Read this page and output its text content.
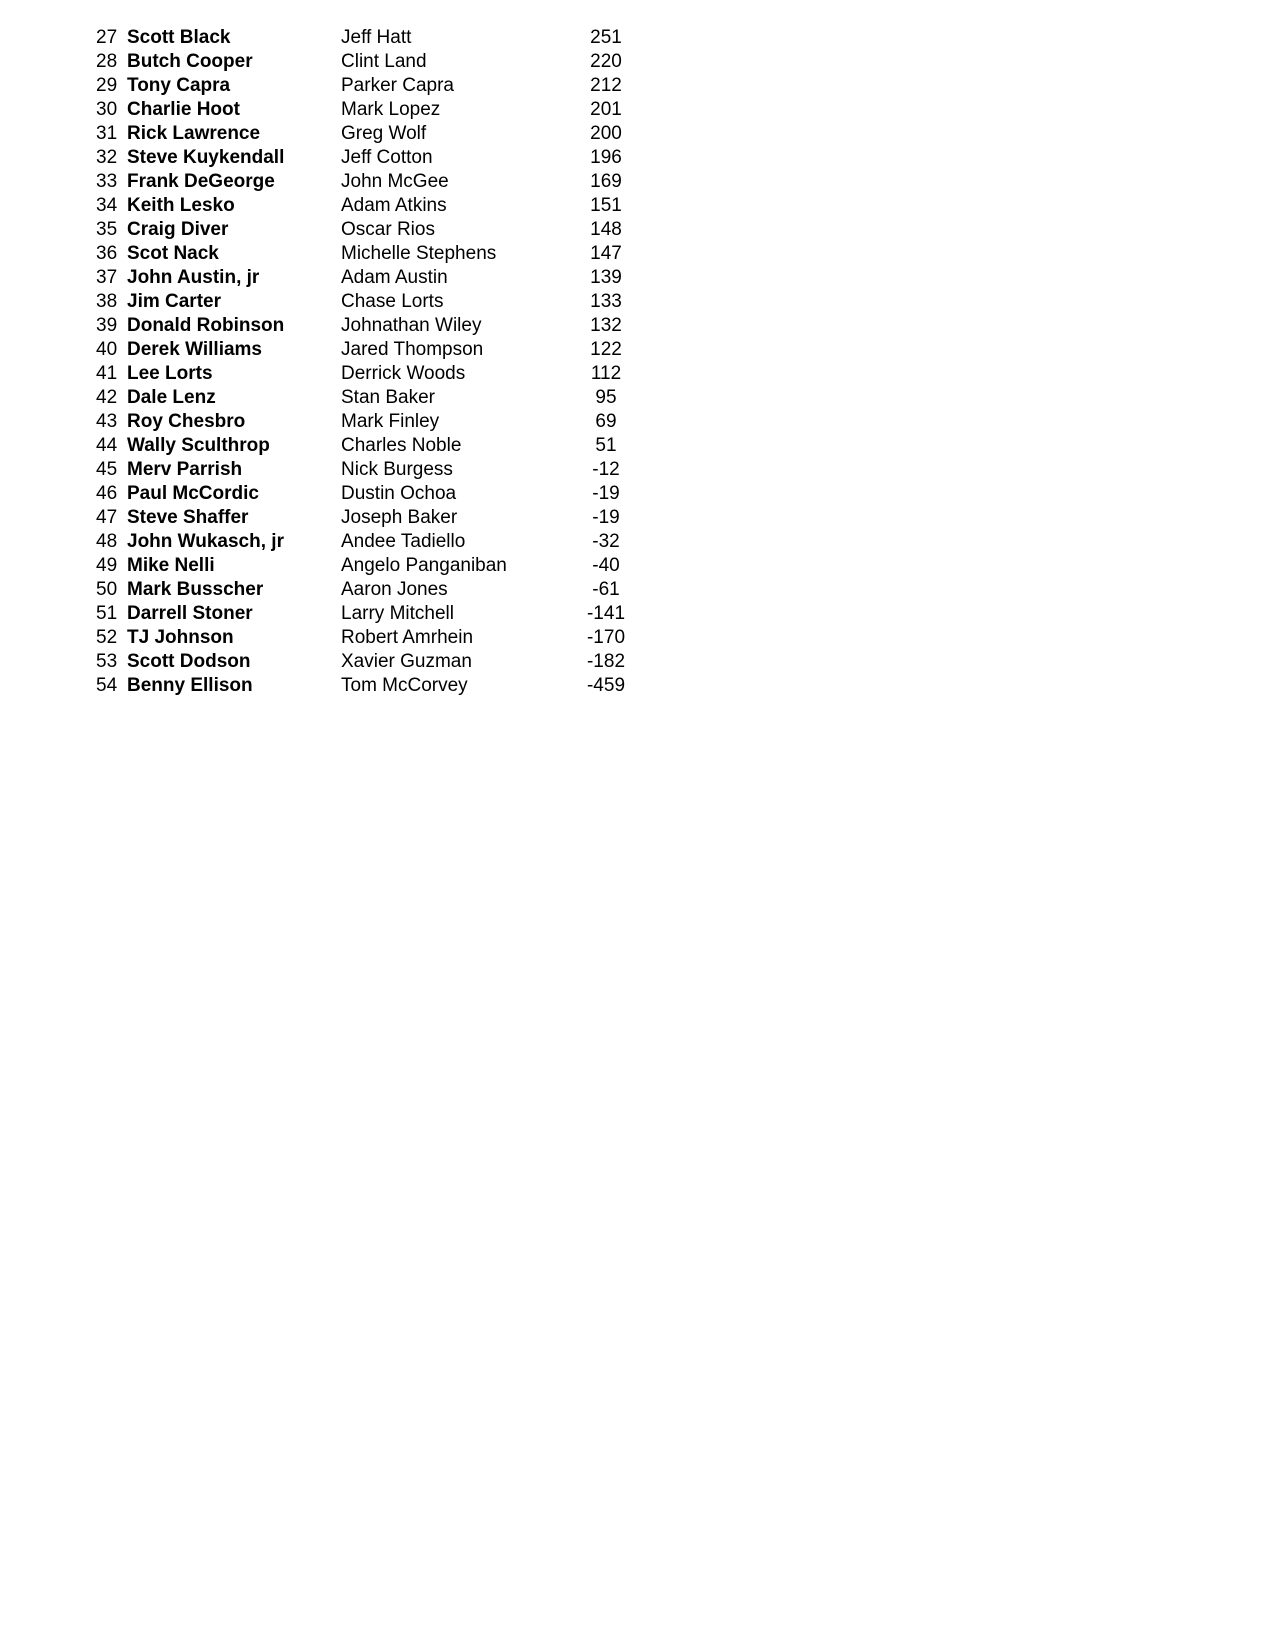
27 Scott Black	Jeff Hatt	251
28 Butch Cooper	Clint Land	220
29 Tony Capra	Parker Capra	212
30 Charlie Hoot	Mark Lopez	201
31 Rick Lawrence	Greg Wolf	200
32 Steve Kuykendall	Jeff Cotton	196
33 Frank DeGeorge	John McGee	169
34 Keith Lesko	Adam Atkins	151
35 Craig Diver	Oscar Rios	148
36 Scot Nack	Michelle Stephens	147
37 John Austin, jr	Adam Austin	139
38 Jim Carter	Chase Lorts	133
39 Donald Robinson	Johnathan Wiley	132
40 Derek Williams	Jared Thompson	122
41 Lee Lorts	Derrick Woods	112
42 Dale Lenz	Stan Baker	95
43 Roy Chesbro	Mark Finley	69
44 Wally Sculthrop	Charles Noble	51
45 Merv Parrish	Nick Burgess	-12
46 Paul McCordic	Dustin Ochoa	-19
47 Steve Shaffer	Joseph Baker	-19
48 John Wukasch, jr	Andee Tadiello	-32
49 Mike Nelli	Angelo Panganiban	-40
50 Mark Busscher	Aaron Jones	-61
51 Darrell Stoner	Larry Mitchell	-141
52 TJ Johnson	Robert Amrhein	-170
53 Scott Dodson	Xavier Guzman	-182
54 Benny Ellison	Tom McCorvey	-459
